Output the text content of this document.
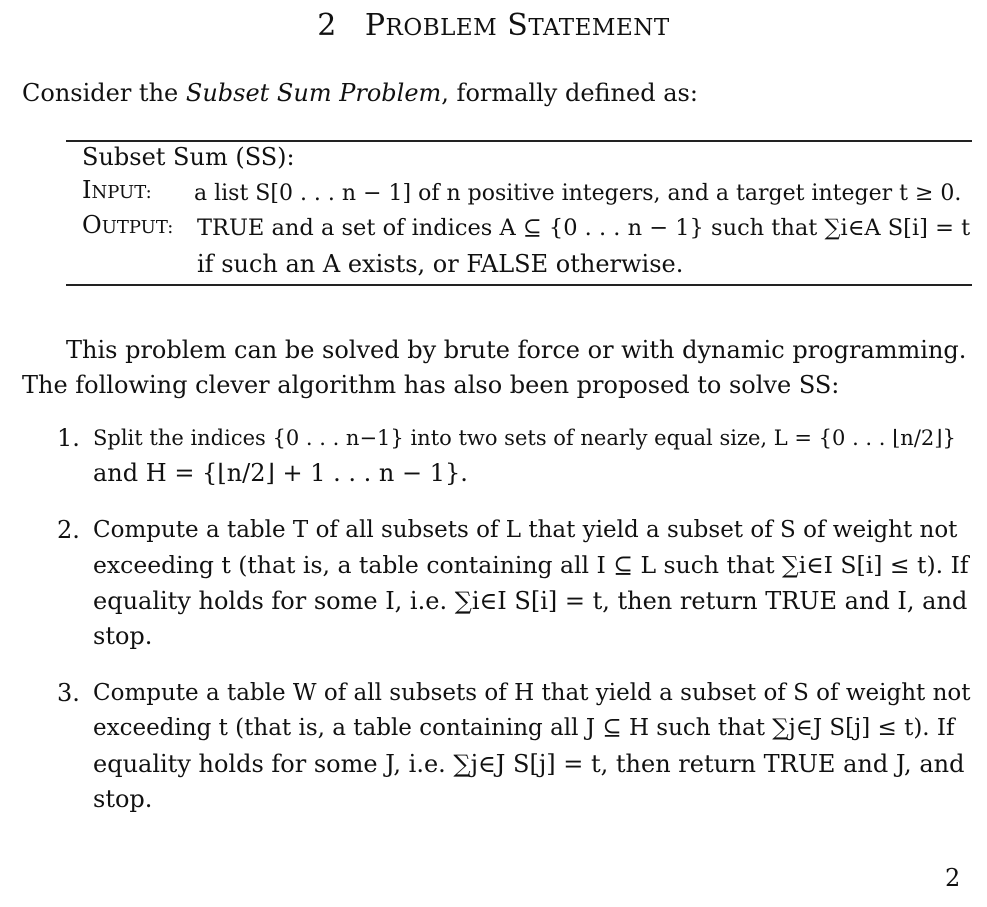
2 PROBLEM STATEMENT
Consider the Subset Sum Problem, formally defined as:
Subset Sum (SS):
INPUT: a list S[0 . . . n − 1] of n positive integers, and a target integer t ≥ 0.
OUTPUT: TRUE and a set of indices A ⊆ {0 . . . n − 1} such that ∑i∈A S[i] = t
if such an A exists, or FALSE otherwise.
This problem can be solved by brute force or with dynamic programming.
The following clever algorithm has also been proposed to solve SS:
1. Split the indices {0 . . . n−1} into two sets of nearly equal size, L = {0 . . . ⌊n/2⌋}
and H = {⌊n/2⌋ + 1 . . . n − 1}.
2. Compute a table T of all subsets of L that yield a subset of S of weight not
exceeding t (that is, a table containing all I ⊆ L such that ∑i∈I S[i] ≤ t). If
equality holds for some I, i.e. ∑i∈I S[i] = t, then return TRUE and I, and
stop.
3. Compute a table W of all subsets of H that yield a subset of S of weight not
exceeding t (that is, a table containing all J ⊆ H such that ∑j∈J S[j] ≤ t). If
equality holds for some J, i.e. ∑j∈J S[j] = t, then return TRUE and J, and
stop.
2
